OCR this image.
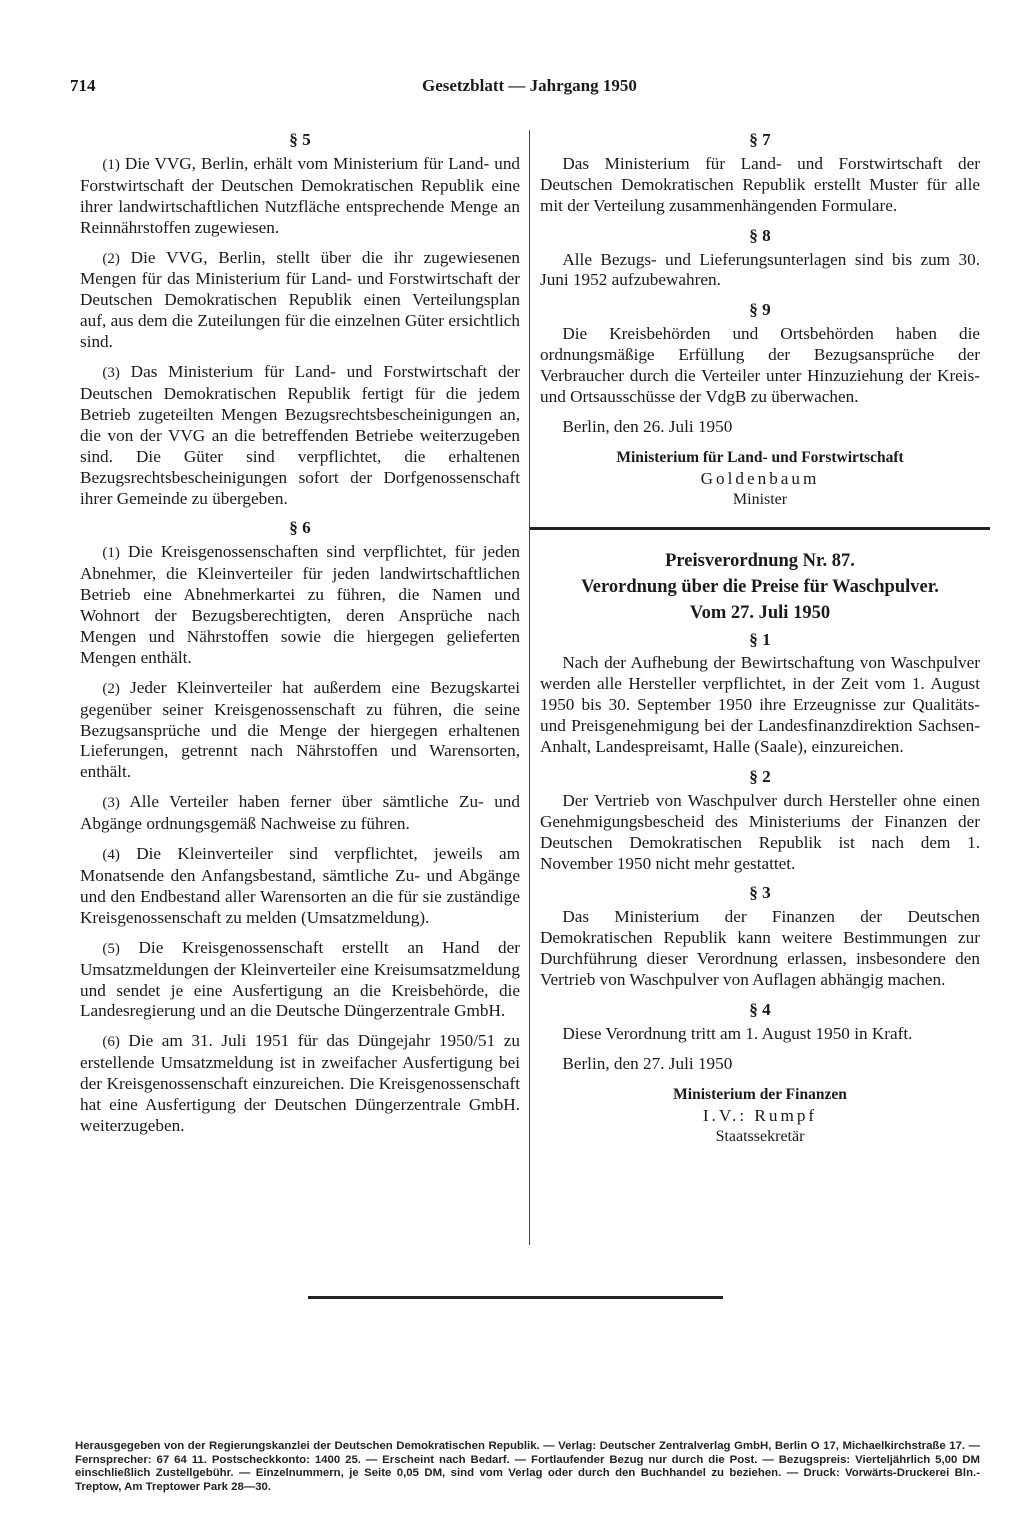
714	Gesetzblatt — Jahrgang 1950
§ 5

(1) Die VVG, Berlin, erhält vom Ministerium für Land- und Forstwirtschaft der Deutschen Demokratischen Republik eine ihrer landwirtschaftlichen Nutzfläche entsprechende Menge an Reinnährstoffen zugewiesen.

(2) Die VVG, Berlin, stellt über die ihr zugewiesenen Mengen für das Ministerium für Land- und Forstwirtschaft der Deutschen Demokratischen Republik einen Verteilungsplan auf, aus dem die Zuteilungen für die einzelnen Güter ersichtlich sind.

(3) Das Ministerium für Land- und Forstwirtschaft der Deutschen Demokratischen Republik fertigt für die jedem Betrieb zugeteilten Mengen Bezugsrechtsbescheinigungen an, die von der VVG an die betreffenden Betriebe weiterzugeben sind. Die Güter sind verpflichtet, die erhaltenen Bezugsrechtsbescheinigungen sofort der Dorfgenossenschaft ihrer Gemeinde zu übergeben.

§ 6

(1) Die Kreisgenossenschaften sind verpflichtet, für jeden Abnehmer, die Kleinverteiler für jeden landwirtschaftlichen Betrieb eine Abnehmerkartei zu führen, die Namen und Wohnort der Bezugsberechtigten, deren Ansprüche nach Mengen und Nährstoffen sowie die hiergegen gelieferten Mengen enthält.

(2) Jeder Kleinverteiler hat außerdem eine Bezugskartei gegenüber seiner Kreisgenossenschaft zu führen, die seine Bezugsansprüche und die Menge der hiergegen erhaltenen Lieferungen, getrennt nach Nährstoffen und Warensorten, enthält.

(3) Alle Verteiler haben ferner über sämtliche Zu- und Abgänge ordnungsgemäß Nachweise zu führen.

(4) Die Kleinverteiler sind verpflichtet, jeweils am Monatsende den Anfangsbestand, sämtliche Zu- und Abgänge und den Endbestand aller Warensorten an die für sie zuständige Kreisgenossenschaft zu melden (Umsatzmeldung).

(5) Die Kreisgenossenschaft erstellt an Hand der Umsatzmeldungen der Kleinverteiler eine Kreisumsatzmeldung und sendet je eine Ausfertigung an die Kreisbehörde, die Landesregierung und an die Deutsche Düngerzentrale GmbH.

(6) Die am 31. Juli 1951 für das Düngejahr 1950/51 zu erstellende Umsatzmeldung ist in zweifacher Ausfertigung bei der Kreisgenossenschaft einzureichen. Die Kreisgenossenschaft hat eine Ausfertigung der Deutschen Düngerzentrale GmbH. weiterzugeben.

§ 7

Das Ministerium für Land- und Forstwirtschaft der Deutschen Demokratischen Republik erstellt Muster für alle mit der Verteilung zusammenhängenden Formulare.

§ 8

Alle Bezugs- und Lieferungsunterlagen sind bis zum 30. Juni 1952 aufzubewahren.

§ 9

Die Kreisbehörden und Ortsbehörden haben die ordnungsmäßige Erfüllung der Bezugsansprüche der Verbraucher durch die Verteiler unter Hinzuziehung der Kreis- und Ortsausschüsse der VdgB zu überwachen.

Berlin, den 26. Juli 1950
Ministerium für Land- und Forstwirtschaft
Goldenbaum
Minister
Preisverordnung Nr. 87.
Verordnung über die Preise für Waschpulver.
Vom 27. Juli 1950
§ 1

Nach der Aufhebung der Bewirtschaftung von Waschpulver werden alle Hersteller verpflichtet, in der Zeit vom 1. August 1950 bis 30. September 1950 ihre Erzeugnisse zur Qualitäts- und Preisgenehmigung bei der Landesfinanzdirektion Sachsen-Anhalt, Landespreisamt, Halle (Saale), einzureichen.

§ 2

Der Vertrieb von Waschpulver durch Hersteller ohne einen Genehmigungsbescheid des Ministeriums der Finanzen der Deutschen Demokratischen Republik ist nach dem 1. November 1950 nicht mehr gestattet.

§ 3

Das Ministerium der Finanzen der Deutschen Demokratischen Republik kann weitere Bestimmungen zur Durchführung dieser Verordnung erlassen, insbesondere den Vertrieb von Waschpulver von Auflagen abhängig machen.

§ 4

Diese Verordnung tritt am 1. August 1950 in Kraft.

Berlin, den 27. Juli 1950
Ministerium der Finanzen
I.V.: Rumpf
Staatssekretär
Herausgegeben von der Regierungskanzlei der Deutschen Demokratischen Republik. — Verlag: Deutscher Zentralverlag GmbH, Berlin O 17, Michaelkirchstraße 17. — Fernsprecher: 67 64 11. Postscheckkonto: 1400 25. — Erscheint nach Bedarf. — Fortlaufender Bezug nur durch die Post. — Bezugspreis: Vierteljährlich 5,00 DM einschließlich Zustellgebühr. — Einzelnummern, je Seite 0,05 DM, sind vom Verlag oder durch den Buchhandel zu beziehen. — Druck: Vorwärts-Druckerei Bln.-Treptow, Am Treptower Park 28—30.
